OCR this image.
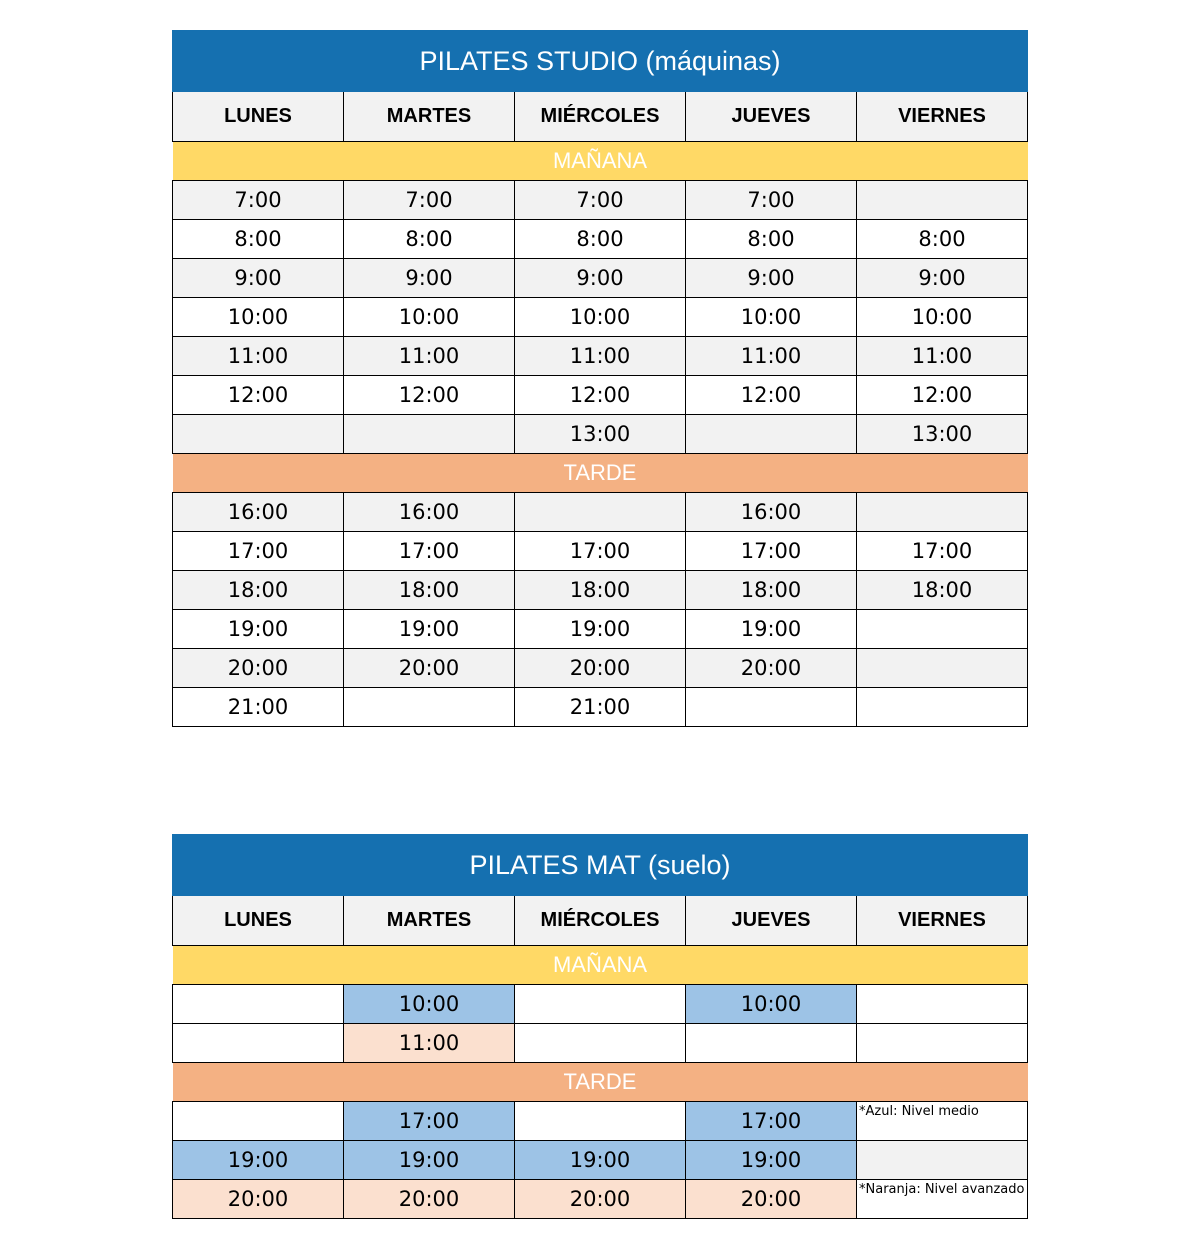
PILATES STUDIO (máquinas)				
LUNES	MARTES	MIÉRCOLES	JUEVES	VIERNES
MAÑANA				
7:00	7:00	7:00	7:00	
8:00	8:00	8:00	8:00	8:00
9:00	9:00	9:00	9:00	9:00
10:00	10:00	10:00	10:00	10:00
11:00	11:00	11:00	11:00	11:00
12:00	12:00	12:00	12:00	12:00
		13:00		13:00
TARDE				
16:00	16:00		16:00	
17:00	17:00	17:00	17:00	17:00
18:00	18:00	18:00	18:00	18:00
19:00	19:00	19:00	19:00	
20:00	20:00	20:00	20:00	
21:00		21:00		
PILATES MAT (suelo)				
LUNES	MARTES	MIÉRCOLES	JUEVES	VIERNES
MAÑANA				
	10:00		10:00	
	11:00			
TARDE				
	17:00		17:00	*Azul: Nivel medio
19:00	19:00	19:00	19:00	
20:00	20:00	20:00	20:00	*Naranja: Nivel avanzado
